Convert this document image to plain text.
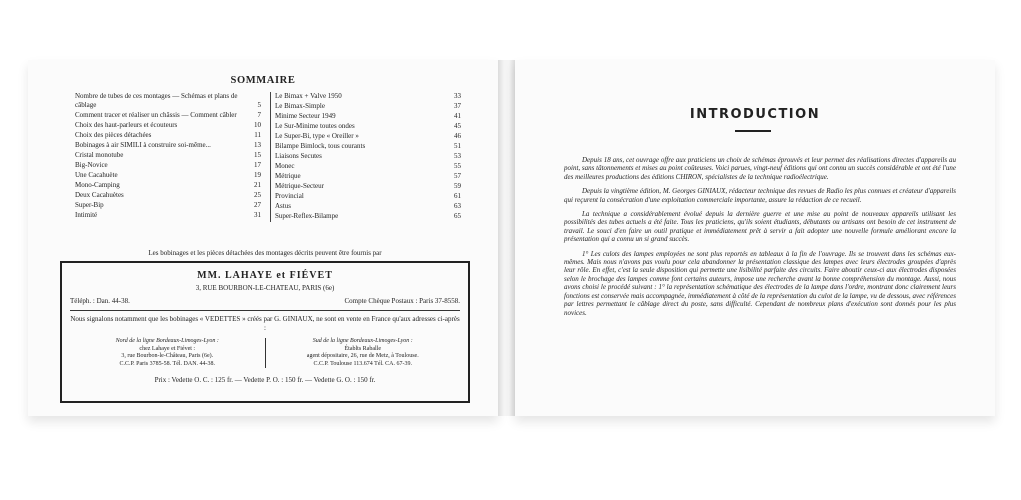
SOMMAIRE
Nombre de tubes de ces montages — Schémas et plans de câblage	5
Comment tracer et réaliser un châssis — Comment câbler	7
Choix des haut-parleurs et écouteurs	10
Choix des pièces détachées	11
Bobinages à air SIMILI à construire soi-même...	13
Cristal monotube	15
Big-Novice	17
Une Cacahuète	19
Mono-Camping	21
Deux Cacahuètes	25
Super-Bip	27
Intimité	31
Le Bimax + Valve 1950	33
Le Bimax-Simple	37
Minime Secteur 1949	41
Le Sur-Minime toutes ondes	45
Le Super-Bi, type « Oreiller »	46
Bilampe Bimlock, tous courants	51
Liaisons Secutes	53
Monec	55
Métrique	57
Métrique-Secteur	59
Provincial	61
Astus	63
Super-Reflex-Bilampe	65
Les bobinages et les pièces détachées des montages décrits peuvent être fournis par
MM. LAHAYE et FIÉVET
3, RUE BOURBON-LE-CHATEAU, PARIS (6e)
Téléph. : Dan. 44-38.	Compte Chèque Postaux : Paris 37-8558.
Nous signalons notamment que les bobinages « VEDETTES » créés par G. GINIAUX, ne sont en vente en France qu'aux adresses ci-après :
Nord de la ligne Bordeaux-Limoges-Lyon :
chez Lahaye et Fiévet :
3, rue Bourbon-le-Château, Paris (6e).
C.C.P. Paris 3785-58. Tél. DAN. 44-38.
Sud de la ligne Bordeaux-Limoges-Lyon :
Établts Raballe
agent dépositaire, 26, rue de Metz, à Toulouse.
C.C.P. Toulouse 113.674 Tél. CA. 67-39.
Prix : Vedette O. C. : 125 fr. — Vedette P. O. : 150 fr. — Vedette G. O. : 150 fr.
INTRODUCTION

Depuis 18 ans, cet ouvrage offre aux praticiens un choix de schémas éprouvés et leur permet des réalisations directes d'appareils au point, sans tâtonnements et mises au point coûteuses. Voici parues, vingt-neuf éditions qui ont connu un succès considérable et ont été l'une des meilleures productions des éditions CHIRON, spécialistes de la technique radioélectrique.

Depuis la vingtième édition, M. Georges GINIAUX, rédacteur technique des revues de Radio les plus connues et créateur d'appareils qui reçurent la consécration d'une exploitation commerciale importante, assure la rédaction de ce recueil.

La technique a considérablement évolué depuis la dernière guerre et une mise au point de nouveaux appareils utilisant les possibilités des tubes actuels a été faite. Tous les praticiens, qu'ils soient étudiants, débutants ou artisans ont besoin de cet instrument de travail. Le souci d'en faire un outil pratique et immédiatement prêt à servir a fait adopter une nouvelle formule améliorant encore la présentation qui a connu un si grand succès.

1° Les culots des lampes employées ne sont plus reportés en tableaux à la fin de l'ouvrage. Ils se trouvent dans les schémas eux-mêmes. Mais nous n'avons pas voulu pour cela abandonner la présentation classique des lampes avec leurs électrodes groupées d'après leur rôle. En effet, c'est la seule disposition qui permette une lisibilité parfaite des circuits. Faire aboutir ceux-ci aux électrodes disposées selon le brochage des lampes comme font certains auteurs, impose une recherche avant la bonne compréhension du montage. Aussi, nous avons choisi le procédé suivant : 1° la représentation schématique des électrodes de la lampe dans l'ordre, montrant donc clairement leurs fonctions est conservée mais accompagnée, immédiatement à côté de la représentation du culot de la lampe, vu de dessous, avec références par lettres permettant le câblage direct du poste, sans difficulté. Cependant de nombreux plans d'exécution sont donnés pour les plus novices.
